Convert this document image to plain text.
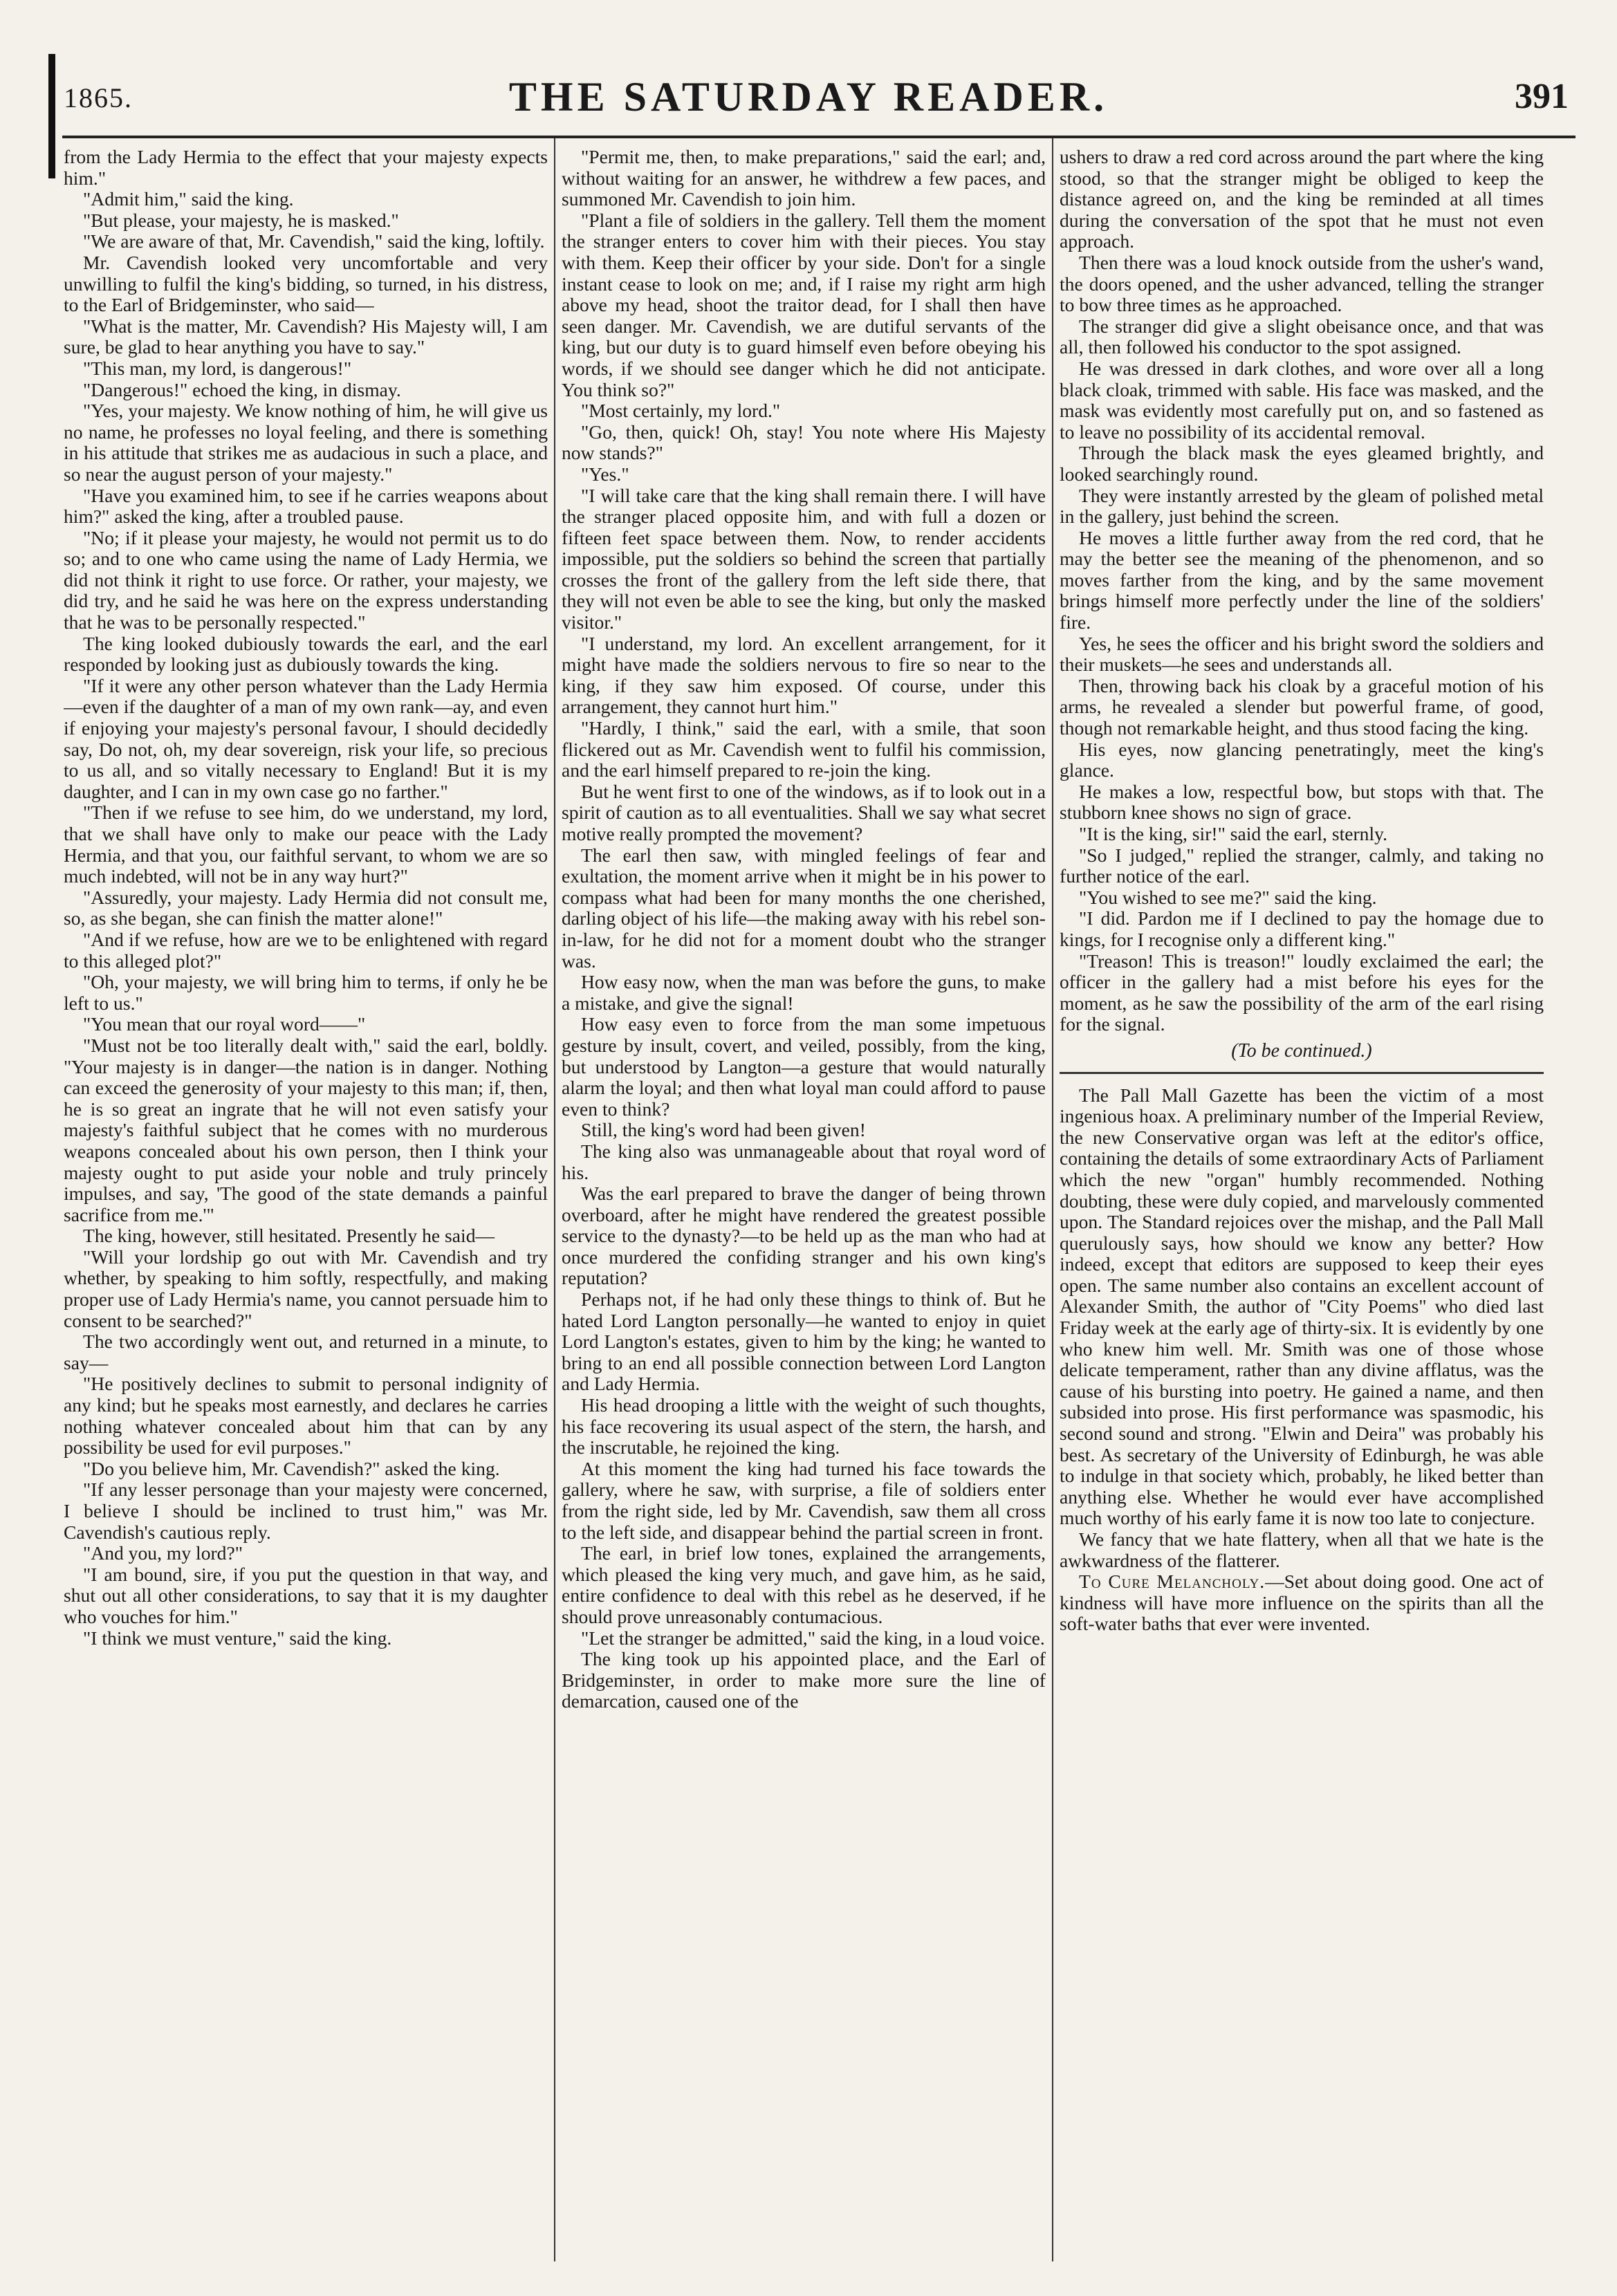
1865.	THE SATURDAY READER.	391

from the Lady Hermia to the effect that your majesty expects him."

"Admit him," said the king.

"But please, your majesty, he is masked."

"We are aware of that, Mr. Cavendish," said the king, loftily.

Mr. Cavendish looked very uncomfortable and very unwilling to fulfil the king's bidding, so turned, in his distress, to the Earl of Bridgeminster, who said—

"What is the matter, Mr. Cavendish? His Majesty will, I am sure, be glad to hear anything you have to say."

"This man, my lord, is dangerous!"

"Dangerous!" echoed the king, in dismay.

"Yes, your majesty. We know nothing of him, he will give us no name, he professes no loyal feeling, and there is something in his attitude that strikes me as audacious in such a place, and so near the august person of your majesty."

"Have you examined him, to see if he carries weapons about him?" asked the king, after a troubled pause.

"No; if it please your majesty, he would not permit us to do so; and to one who came using the name of Lady Hermia, we did not think it right to use force. Or rather, your majesty, we did try, and he said he was here on the express understanding that he was to be personally respected."

The king looked dubiously towards the earl, and the earl responded by looking just as dubiously towards the king.

"If it were any other person whatever than the Lady Hermia—even if the daughter of a man of my own rank—ay, and even if enjoying your majesty's personal favour, I should decidedly say, Do not, oh, my dear sovereign, risk your life, so precious to us all, and so vitally necessary to England! But it is my daughter, and I can in my own case go no farther."

"Then if we refuse to see him, do we understand, my lord, that we shall have only to make our peace with the Lady Hermia, and that you, our faithful servant, to whom we are so much indebted, will not be in any way hurt?"

"Assuredly, your majesty. Lady Hermia did not consult me, so, as she began, she can finish the matter alone!"

"And if we refuse, how are we to be enlightened with regard to this alleged plot?"

"Oh, your majesty, we will bring him to terms, if only he be left to us."

"You mean that our royal word——"

"Must not be too literally dealt with," said the earl, boldly. "Your majesty is in danger—the nation is in danger. Nothing can exceed the generosity of your majesty to this man; if, then, he is so great an ingrate that he will not even satisfy your majesty's faithful subject that he comes with no murderous weapons concealed about his own person, then I think your majesty ought to put aside your noble and truly princely impulses, and say, 'The good of the state demands a painful sacrifice from me.'"

The king, however, still hesitated. Presently he said—

"Will your lordship go out with Mr. Cavendish and try whether, by speaking to him softly, respectfully, and making proper use of Lady Hermia's name, you cannot persuade him to consent to be searched?"

The two accordingly went out, and returned in a minute, to say—

"He positively declines to submit to personal indignity of any kind; but he speaks most earnestly, and declares he carries nothing whatever concealed about him that can by any possibility be used for evil purposes."

"Do you believe him, Mr. Cavendish?" asked the king.

"If any lesser personage than your majesty were concerned, I believe I should be inclined to trust him," was Mr. Cavendish's cautious reply.

"And you, my lord?"

"I am bound, sire, if you put the question in that way, and shut out all other considerations, to say that it is my daughter who vouches for him."

"I think we must venture," said the king.

"Permit me, then, to make preparations," said the earl; and, without waiting for an answer, he withdrew a few paces, and summoned Mr. Cavendish to join him.

"Plant a file of soldiers in the gallery. Tell them the moment the stranger enters to cover him with their pieces. You stay with them. Keep their officer by your side. Don't for a single instant cease to look on me; and, if I raise my right arm high above my head, shoot the traitor dead, for I shall then have seen danger. Mr. Cavendish, we are dutiful servants of the king, but our duty is to guard himself even before obeying his words, if we should see danger which he did not anticipate. You think so?"

"Most certainly, my lord."

"Go, then, quick! Oh, stay! You note where His Majesty now stands?"

"Yes."

"I will take care that the king shall remain there. I will have the stranger placed opposite him, and with full a dozen or fifteen feet space between them. Now, to render accidents impossible, put the soldiers so behind the screen that partially crosses the front of the gallery from the left side there, that they will not even be able to see the king, but only the masked visitor."

"I understand, my lord. An excellent arrangement, for it might have made the soldiers nervous to fire so near to the king, if they saw him exposed. Of course, under this arrangement, they cannot hurt him."

"Hardly, I think," said the earl, with a smile, that soon flickered out as Mr. Cavendish went to fulfil his commission, and the earl himself prepared to re-join the king.

But he went first to one of the windows, as if to look out in a spirit of caution as to all eventualities. Shall we say what secret motive really prompted the movement?

The earl then saw, with mingled feelings of fear and exultation, the moment arrive when it might be in his power to compass what had been for many months the one cherished, darling object of his life—the making away with his rebel son-in-law, for he did not for a moment doubt who the stranger was.

How easy now, when the man was before the guns, to make a mistake, and give the signal!

How easy even to force from the man some impetuous gesture by insult, covert, and veiled, possibly, from the king, but understood by Langton—a gesture that would naturally alarm the loyal; and then what loyal man could afford to pause even to think?

Still, the king's word had been given!

The king also was unmanageable about that royal word of his.

Was the earl prepared to brave the danger of being thrown overboard, after he might have rendered the greatest possible service to the dynasty?—to be held up as the man who had at once murdered the confiding stranger and his own king's reputation?

Perhaps not, if he had only these things to think of. But he hated Lord Langton personally—he wanted to enjoy in quiet Lord Langton's estates, given to him by the king; he wanted to bring to an end all possible connection between Lord Langton and Lady Hermia.

His head drooping a little with the weight of such thoughts, his face recovering its usual aspect of the stern, the harsh, and the inscrutable, he rejoined the king.

At this moment the king had turned his face towards the gallery, where he saw, with surprise, a file of soldiers enter from the right side, led by Mr. Cavendish, saw them all cross to the left side, and disappear behind the partial screen in front.

The earl, in brief low tones, explained the arrangements, which pleased the king very much, and gave him, as he said, entire confidence to deal with this rebel as he deserved, if he should prove unreasonably contumacious.

"Let the stranger be admitted," said the king, in a loud voice.

The king took up his appointed place, and the Earl of Bridgeminster, in order to make more sure the line of demarcation, caused one of the

ushers to draw a red cord across around the part where the king stood, so that the stranger might be obliged to keep the distance agreed on, and the king be reminded at all times during the conversation of the spot that he must not even approach.

Then there was a loud knock outside from the usher's wand, the doors opened, and the usher advanced, telling the stranger to bow three times as he approached.

The stranger did give a slight obeisance once, and that was all, then followed his conductor to the spot assigned.

He was dressed in dark clothes, and wore over all a long black cloak, trimmed with sable. His face was masked, and the mask was evidently most carefully put on, and so fastened as to leave no possibility of its accidental removal.

Through the black mask the eyes gleamed brightly, and looked searchingly round.

They were instantly arrested by the gleam of polished metal in the gallery, just behind the screen.

He moves a little further away from the red cord, that he may the better see the meaning of the phenomenon, and so moves farther from the king, and by the same movement brings himself more perfectly under the line of the soldiers' fire.

Yes, he sees the officer and his bright sword the soldiers and their muskets—he sees and understands all.

Then, throwing back his cloak by a graceful motion of his arms, he revealed a slender but powerful frame, of good, though not remarkable height, and thus stood facing the king.

His eyes, now glancing penetratingly, meet the king's glance.

He makes a low, respectful bow, but stops with that. The stubborn knee shows no sign of grace.

"It is the king, sir!" said the earl, sternly.

"So I judged," replied the stranger, calmly, and taking no further notice of the earl.

"You wished to see me?" said the king.

"I did. Pardon me if I declined to pay the homage due to kings, for I recognise only a different king."

"Treason! This is treason!" loudly exclaimed the earl; the officer in the gallery had a mist before his eyes for the moment, as he saw the possibility of the arm of the earl rising for the signal.

(To be continued.)

The Pall Mall Gazette has been the victim of a most ingenious hoax. A preliminary number of the Imperial Review, the new Conservative organ was left at the editor's office, containing the details of some extraordinary Acts of Parliament which the new "organ" humbly recommended. Nothing doubting, these were duly copied, and marvelously commented upon. The Standard rejoices over the mishap, and the Pall Mall querulously says, how should we know any better? How indeed, except that editors are supposed to keep their eyes open. The same number also contains an excellent account of Alexander Smith, the author of "City Poems" who died last Friday week at the early age of thirty-six. It is evidently by one who knew him well. Mr. Smith was one of those whose delicate temperament, rather than any divine afflatus, was the cause of his bursting into poetry. He gained a name, and then subsided into prose. His first performance was spasmodic, his second sound and strong. "Elwin and Deira" was probably his best. As secretary of the University of Edinburgh, he was able to indulge in that society which, probably, he liked better than anything else. Whether he would ever have accomplished much worthy of his early fame it is now too late to conjecture.

We fancy that we hate flattery, when all that we hate is the awkwardness of the flatterer.

To Cure Melancholy.—Set about doing good. One act of kindness will have more influence on the spirits than all the soft-water baths that ever were invented.
